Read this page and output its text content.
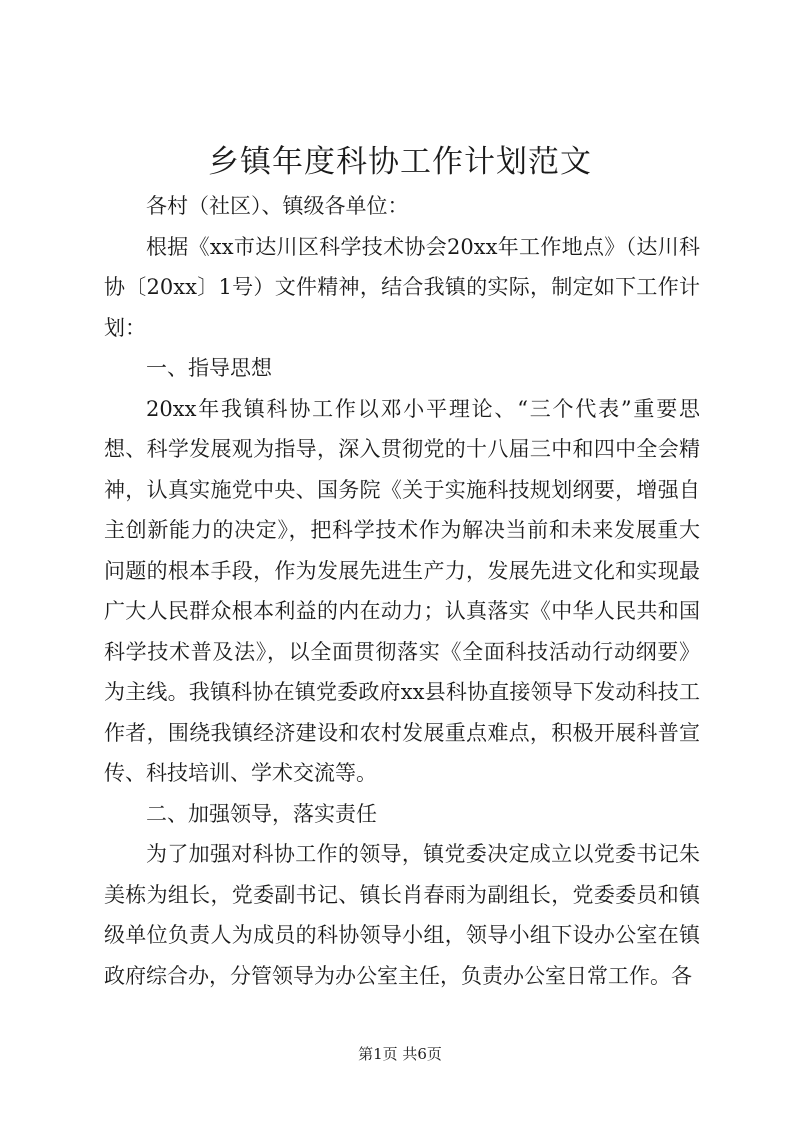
乡镇年度科协工作计划范文

各村（社区）、镇级各单位：

根据《xx市达川区科学技术协会20xx年工作地点》（达川科协〔20xx〕1号）文件精神，结合我镇的实际，制定如下工作计划：

一、指导思想

20xx年我镇科协工作以邓小平理论、“三个代表”重要思想、科学发展观为指导，深入贯彻党的十八届三中和四中全会精神，认真实施党中央、国务院《关于实施科技规划纲要，增强自主创新能力的决定》，把科学技术作为解决当前和未来发展重大问题的根本手段，作为发展先进生产力，发展先进文化和实现最广大人民群众根本利益的内在动力；认真落实《中华人民共和国科学技术普及法》，以全面贯彻落实《全面科技活动行动纲要》为主线。我镇科协在镇党委政府xx县科协直接领导下发动科技工作者，围绕我镇经济建设和农村发展重点难点，积极开展科普宣传、科技培训、学术交流等。

二、加强领导，落实责任

为了加强对科协工作的领导，镇党委决定成立以党委书记朱美栋为组长，党委副书记、镇长肖春雨为副组长，党委委员和镇级单位负责人为成员的科协领导小组，领导小组下设办公室在镇政府综合办，分管领导为办公室主任，负责办公室日常工作。各

第1页 共6页
